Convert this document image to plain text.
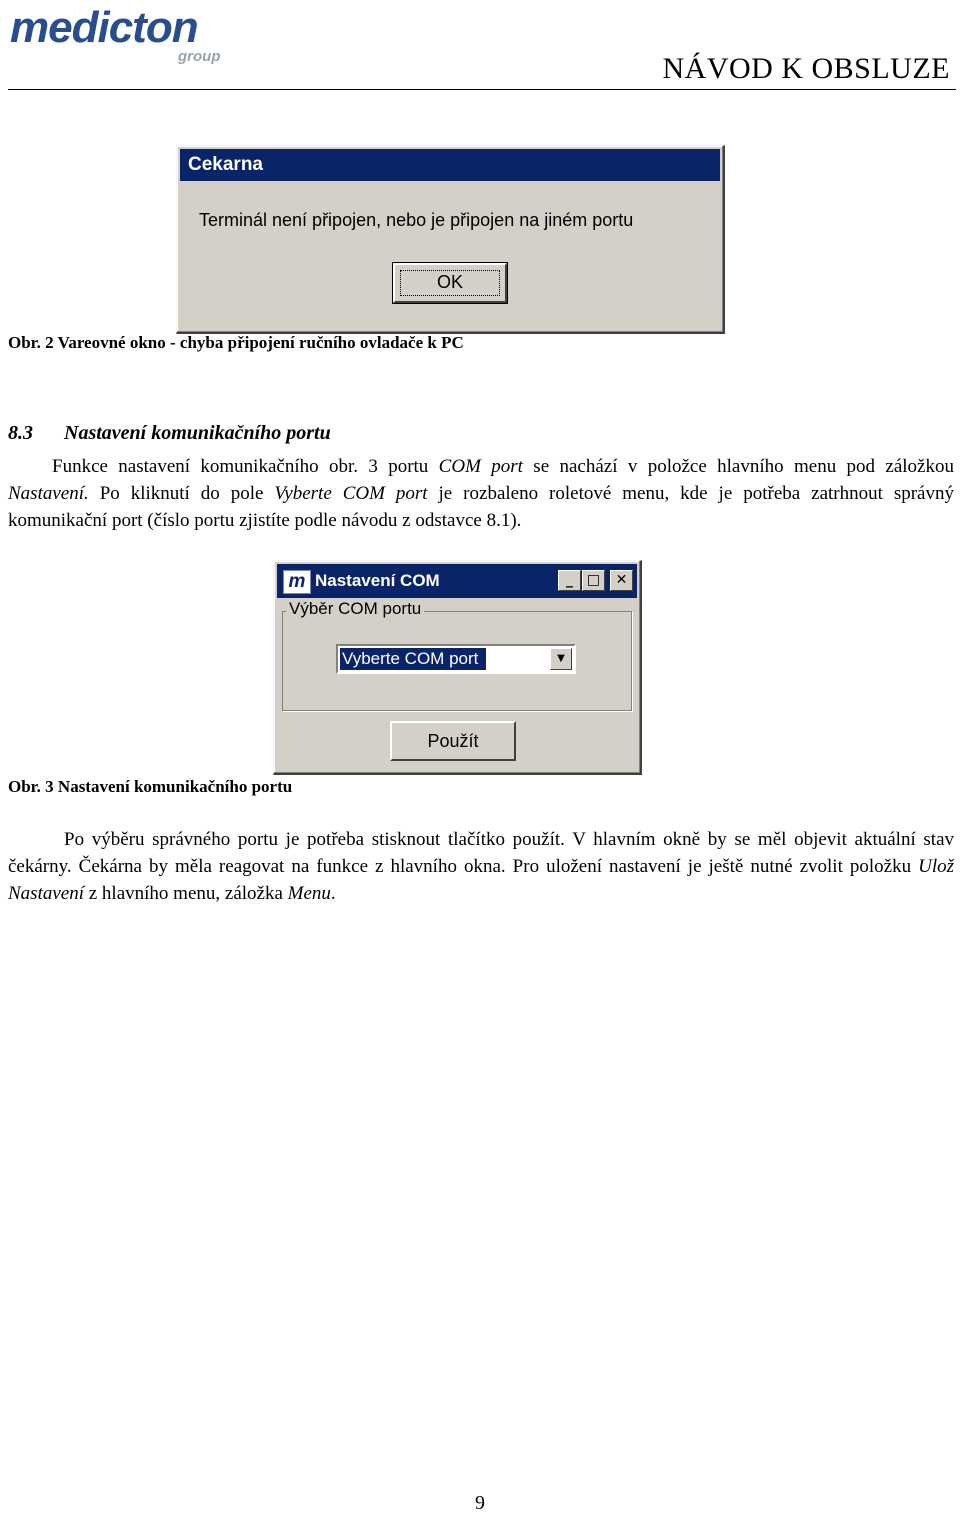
medicton
group	NÁVOD K OBSLUZE
Cekarna
Terminál není připojen, nebo je připojen na jiném portu
OK
Obr. 2 Vareovné okno - chyba připojení ručního ovladače k PC
8.3 Nastavení komunikačního portu
Funkce nastavení komunikačního obr. 3 portu COM port se nachází v položce hlavního menu pod záložkou Nastavení. Po kliknutí do pole Vyberte COM port je rozbaleno roletové menu, kde je potřeba zatrhnout správný komunikační port (číslo portu zjistíte podle návodu z odstavce 8.1).
m Nastavení COM	_ □	✕
Výběr COM portu
Vyberte COM port	▼
Použít
Obr. 3 Nastavení komunikačního portu
Po výběru správného portu je potřeba stisknout tlačítko použít. V hlavním okně by se měl objevit aktuální stav čekárny. Čekárna by měla reagovat na funkce z hlavního okna. Pro uložení nastavení je ještě nutné zvolit položku Ulož Nastavení z hlavního menu, záložka Menu.
9
